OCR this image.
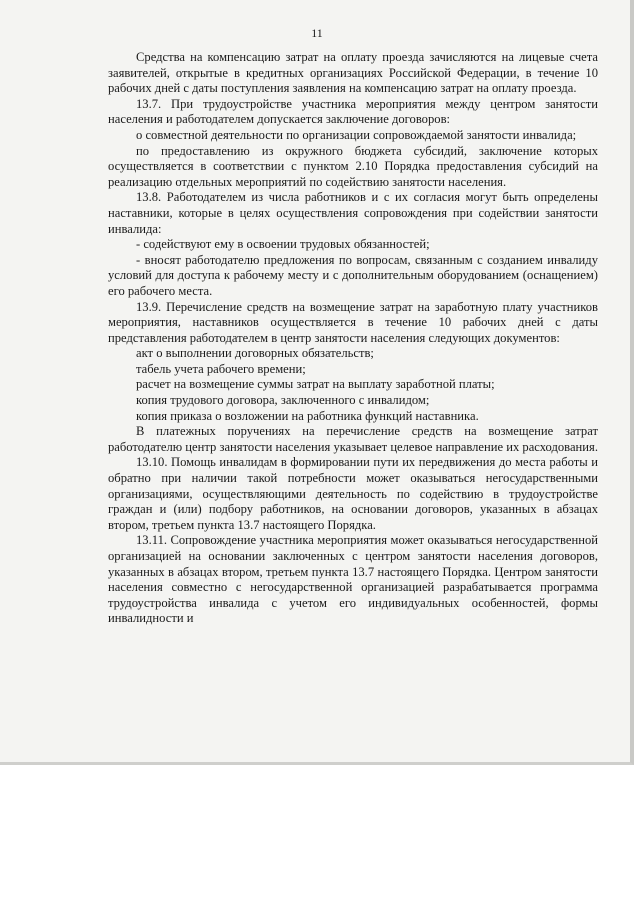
11

Средства на компенсацию затрат на оплату проезда зачисляются на лицевые счета заявителей, открытые в кредитных организациях Российской Федерации, в течение 10 рабочих дней с даты поступления заявления на компенсацию затрат на оплату проезда.

13.7. При трудоустройстве участника мероприятия между центром занятости населения и работодателем допускается заключение договоров:

о совместной деятельности по организации сопровождаемой занятости инвалида;

по предоставлению из окружного бюджета субсидий, заключение которых осуществляется в соответствии с пунктом 2.10 Порядка предоставления субсидий на реализацию отдельных мероприятий по содействию занятости населения.

13.8. Работодателем из числа работников и с их согласия могут быть определены наставники, которые в целях осуществления сопровождения при содействии занятости инвалида:

- содействуют ему в освоении трудовых обязанностей;

- вносят работодателю предложения по вопросам, связанным с созданием инвалиду условий для доступа к рабочему месту и с дополнительным оборудованием (оснащением) его рабочего места.

13.9. Перечисление средств на возмещение затрат на заработную плату участников мероприятия, наставников осуществляется в течение 10 рабочих дней с даты представления работодателем в центр занятости населения следующих документов:

акт о выполнении договорных обязательств;

табель учета рабочего времени;

расчет на возмещение суммы затрат на выплату заработной платы;

копия трудового договора, заключенного с инвалидом;

копия приказа о возложении на работника функций наставника.

В платежных поручениях на перечисление средств на возмещение затрат работодателю центр занятости населения указывает целевое направление их расходования.

13.10. Помощь инвалидам в формировании пути их передвижения до места работы и обратно при наличии такой потребности может оказываться негосударственными организациями, осуществляющими деятельность по содействию в трудоустройстве граждан и (или) подбору работников, на основании договоров, указанных в абзацах втором, третьем пункта 13.7 настоящего Порядка.

13.11. Сопровождение участника мероприятия может оказываться негосударственной организацией на основании заключенных с центром занятости населения договоров, указанных в абзацах втором, третьем пункта 13.7 настоящего Порядка. Центром занятости населения совместно с негосударственной организацией разрабатывается программа трудоустройства инвалида с учетом его индивидуальных особенностей, формы инвалидности и
